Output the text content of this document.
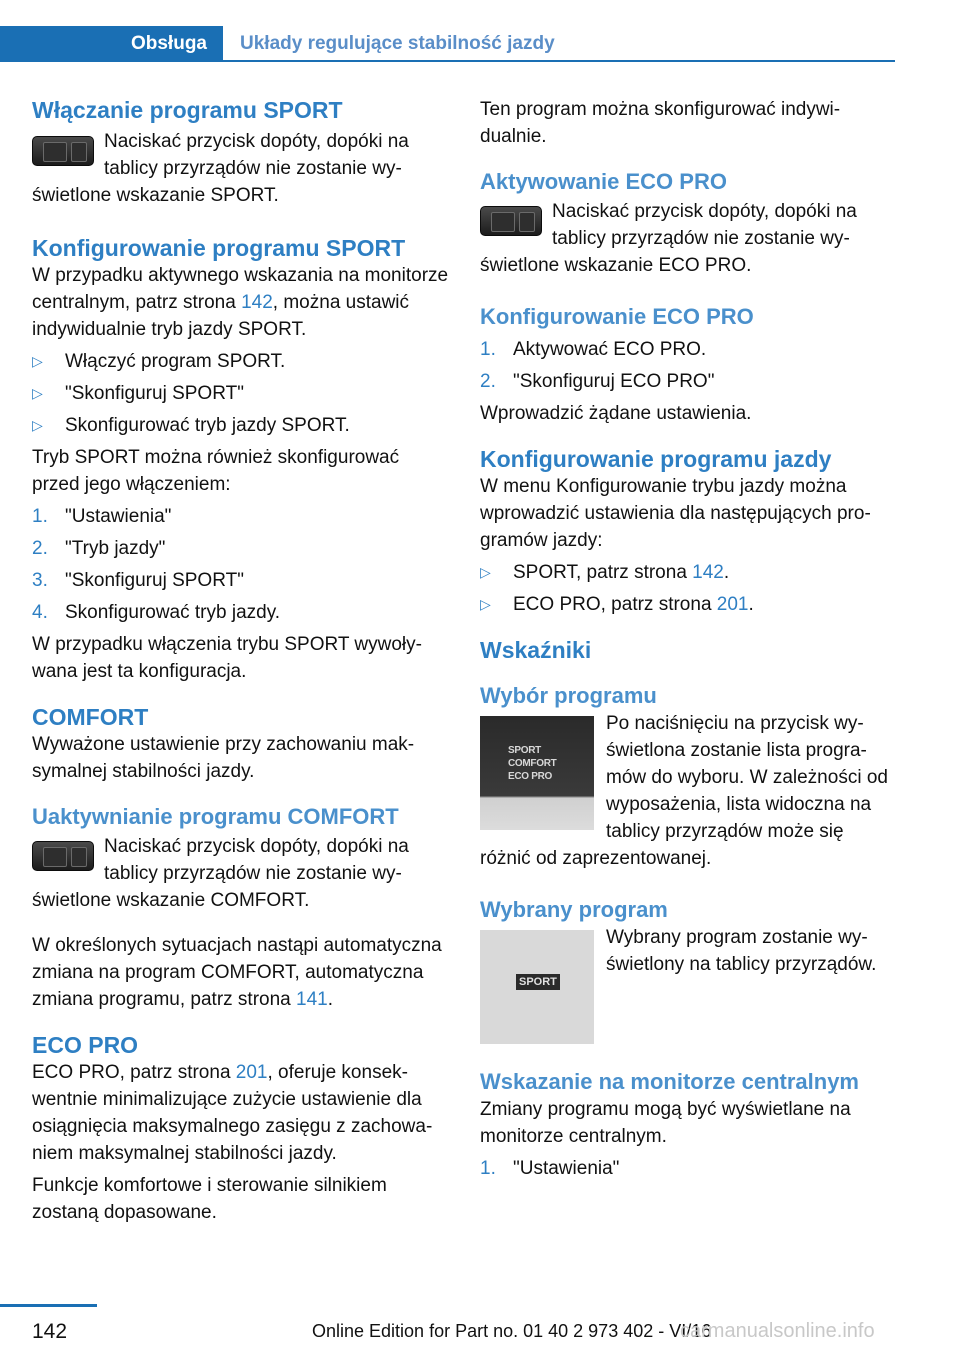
Obsługa	Układy regulujące stabilność jazdy
Włączanie programu SPORT

Naciskać przycisk dopóty, dopóki na tablicy przyrządów nie zostanie wyświetlone wskazanie SPORT.

Konfigurowanie programu SPORT

W przypadku aktywnego wskazania na monitorze centralnym, patrz strona 142, można ustawić indywidualnie tryb jazdy SPORT.

▷ Włączyć program SPORT.
▷ "Skonfiguruj SPORT"
▷ Skonfigurować tryb jazdy SPORT.

Tryb SPORT można również skonfigurować przed jego włączeniem:

1. "Ustawienia"
2. "Tryb jazdy"
3. "Skonfiguruj SPORT"
4. Skonfigurować tryb jazdy.

W przypadku włączenia trybu SPORT wywoływana jest ta konfiguracja.

COMFORT

Wyważone ustawienie przy zachowaniu maksymalnej stabilności jazdy.

Uaktywnianie programu COMFORT

Naciskać przycisk dopóty, dopóki na tablicy przyrządów nie zostanie wyświetlone wskazanie COMFORT.

W określonych sytuacjach nastąpi automatyczna zmiana na program COMFORT, automatyczna zmiana programu, patrz strona 141.

ECO PRO

ECO PRO, patrz strona 201, oferuje konsekwentnie minimalizujące zużycie ustawienie dla osiągnięcia maksymalnego zasięgu z zachowaniem maksymalnej stabilności jazdy.

Funkcje komfortowe i sterowanie silnikiem zostaną dopasowane.

Ten program można skonfigurować indywidualnie.

Aktywowanie ECO PRO

Naciskać przycisk dopóty, dopóki na tablicy przyrządów nie zostanie wyświetlone wskazanie ECO PRO.

Konfigurowanie ECO PRO
1. Aktywować ECO PRO.
2. "Skonfiguruj ECO PRO"

Wprowadzić żądane ustawienia.

Konfigurowanie programu jazdy

W menu Konfigurowanie trybu jazdy można wprowadzić ustawienia dla następujących programów jazdy:

▷ SPORT, patrz strona 142.
▷ ECO PRO, patrz strona 201.
Wskaźniki
Wybór programu
SPORT
COMFORT
ECO PRO

Po naciśnięciu na przycisk wyświetlona zostanie lista programów do wyboru. W zależności od wyposażenia, lista widoczna na tablicy przyrządów może się różnić od zaprezentowanej.

Wybrany program
SPORT

Wybrany program zostanie wyświetlony na tablicy przyrządów.

Wskazanie na monitorze centralnym

Zmiany programu mogą być wyświetlane na monitorze centralnym.

1. "Ustawienia"
142	Online Edition for Part no. 01 40 2 973 402 - VI/16
carmanualsonline.info
